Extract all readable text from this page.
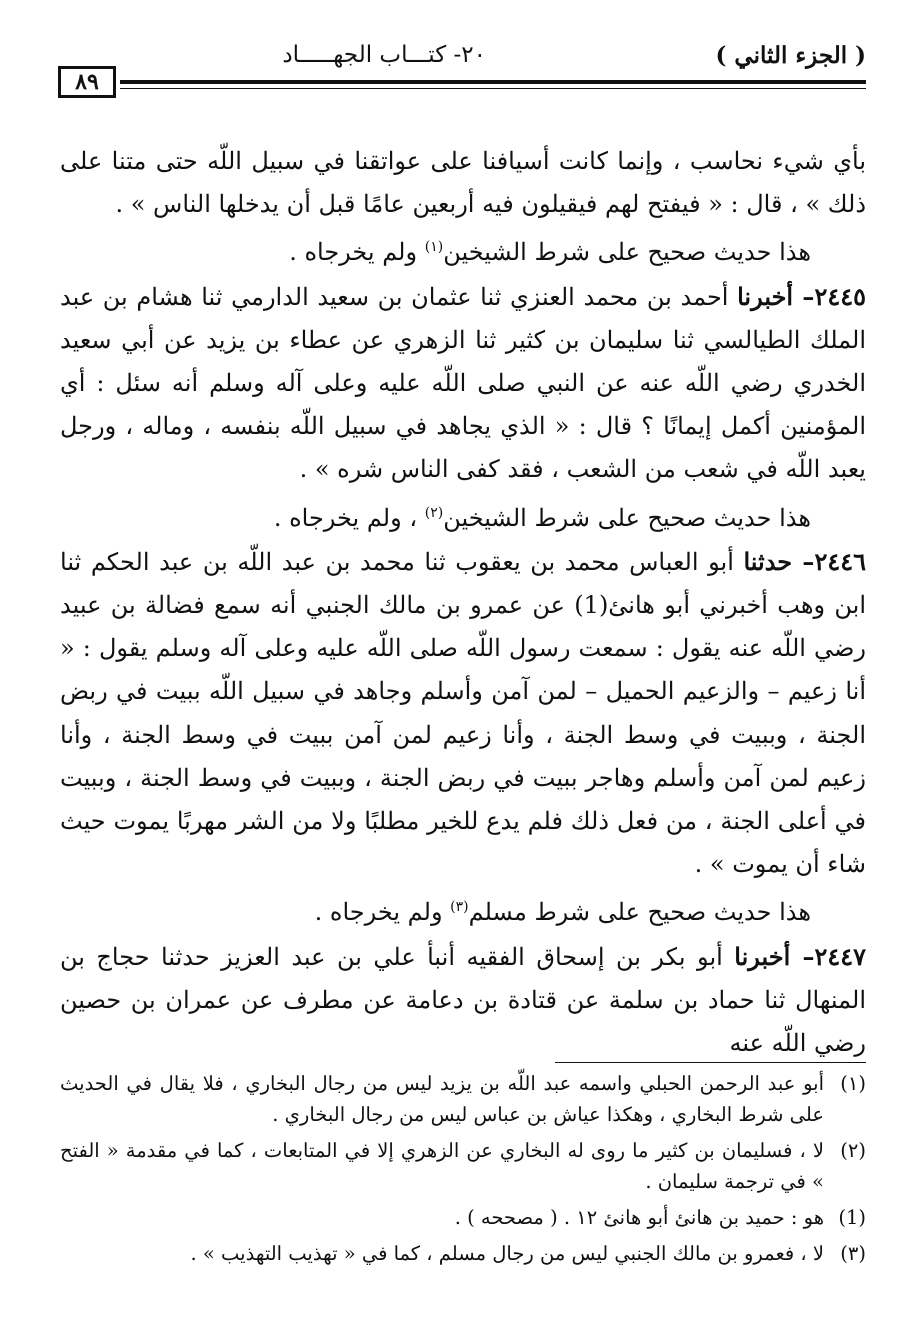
( الجزء الثاني )
٢٠- كتـــاب الجهـــــاد
٨٩

بأي شيء نحاسب ، وإنما كانت أسيافنا على عواتقنا في سبيل اللّه حتى متنا على ذلك » ، قال : « فيفتح لهم فيقيلون فيه أربعين عامًا قبل أن يدخلها الناس » .

هذا حديث صحيح على شرط الشيخين$^{(١)}$ ولم يخرجاه .

٢٤٤٥– أخبرنا أحمد بن محمد العنزي ثنا عثمان بن سعيد الدارمي ثنا هشام بن عبد الملك الطيالسي ثنا سليمان بن كثير ثنا الزهري عن عطاء بن يزيد عن أبي سعيد الخدري رضي اللّه عنه عن النبي صلى اللّه عليه وعلى آله وسلم أنه سئل : أي المؤمنين أكمل إيمانًا ؟ قال : « الذي يجاهد في سبيل اللّه بنفسه ، وماله ، ورجل يعبد اللّه في شعب من الشعب ، فقد كفى الناس شره » .

هذا حديث صحيح على شرط الشيخين$^{(٢)}$ ، ولم يخرجاه .

٢٤٤٦– حدثنا أبو العباس محمد بن يعقوب ثنا محمد بن عبد اللّه بن عبد الحكم ثنا ابن وهب أخبرني أبو هانئ(1) عن عمرو بن مالك الجنبي أنه سمع فضالة بن عبيد رضي اللّه عنه يقول : سمعت رسول اللّه صلى اللّه عليه وعلى آله وسلم يقول : « أنا زعيم – والزعيم الحميل – لمن آمن وأسلم وجاهد في سبيل اللّه ببيت في ربض الجنة ، وببيت في وسط الجنة ، وأنا زعيم لمن آمن ببيت في وسط الجنة ، وأنا زعيم لمن آمن وأسلم وهاجر ببيت في ربض الجنة ، وببيت في وسط الجنة ، وببيت في أعلى الجنة ، من فعل ذلك فلم يدع للخير مطلبًا ولا من الشر مهربًا يموت حيث شاء أن يموت » .

هذا حديث صحيح على شرط مسلم$^{(٣)}$ ولم يخرجاه .

٢٤٤٧– أخبرنا أبو بكر بن إسحاق الفقيه أنبأ علي بن عبد العزيز حدثنا حجاج بن المنهال ثنا حماد بن سلمة عن قتادة بن دعامة عن مطرف عن عمران بن حصين رضي اللّه عنه

(١)
أبو عبد الرحمن الحبلي واسمه عبد اللّه بن يزيد ليس من رجال البخاري ، فلا يقال في الحديث على شرط البخاري ، وهكذا عياش بن عباس ليس من رجال البخاري .

(٢)
لا ، فسليمان بن كثير ما روى له البخاري عن الزهري إلا في المتابعات ، كما في مقدمة « الفتح » في ترجمة سليمان .

(1)
هو : حميد بن هانئ أبو هانئ ١٢ . ( مصححه ) .

(٣)
لا ، فعمرو بن مالك الجنبي ليس من رجال مسلم ، كما في « تهذيب التهذيب » .
